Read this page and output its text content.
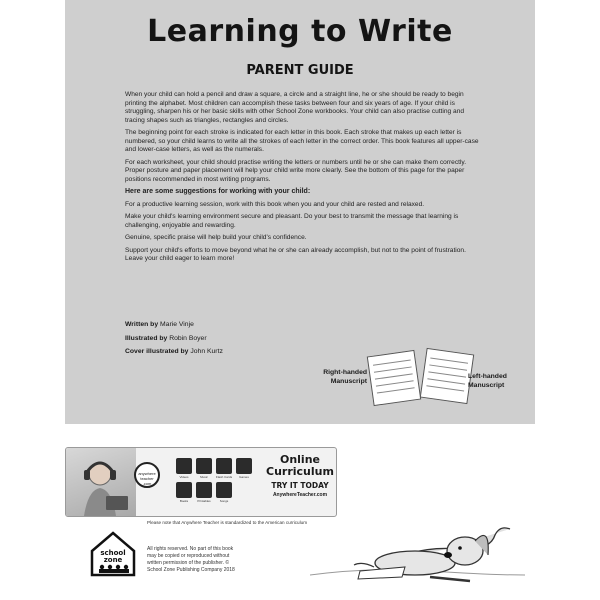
Learning to Write
PARENT GUIDE

When your child can hold a pencil and draw a square, a circle and a straight line, he or she should be ready to begin printing the alphabet. Most children can accomplish these tasks between four and six years of age. If your child is struggling, sharpen his or her basic skills with other School Zone workbooks. Your child can also practise cutting and tracing shapes such as triangles, rectangles and circles.

The beginning point for each stroke is indicated for each letter in this book. Each stroke that makes up each letter is numbered, so your child learns to write all the strokes of each letter in the correct order. This book features all upper-case and lower-case letters, as well as the numerals.

For each worksheet, your child should practise writing the letters or numbers until he or she can make them correctly. Proper posture and paper placement will help your child write more clearly. See the bottom of this page for the paper positions recommended in most writing programs.

Here are some suggestions for working with your child:

For a productive learning session, work with this book when you and your child are rested and relaxed.

Make your child's learning environment secure and pleasant. Do your best to transmit the message that learning is challenging, enjoyable and rewarding.

Genuine, specific praise will help build your child's confidence.

Support your child's efforts to move beyond what he or she can already accomplish, but not to the point of frustration. Leave your child eager to learn more!

Written by Marie Vinje
Illustrated by Robin Boyer
Cover illustrated by John Kurtz
Right-handed Manuscript
Left-handed Manuscript
anywhere
teacher
.com
Videos	Music	Flash Cards	Games
Books	Printables	Songs
Online Curriculum
TRY IT TODAY
AnywhereTeacher.com
Please note that Anywhere Teacher is standardized to the American curriculum
school
zone
All rights reserved. No part of this book may be copied or reproduced without written permission of the publisher. © School Zone Publishing Company 2018
